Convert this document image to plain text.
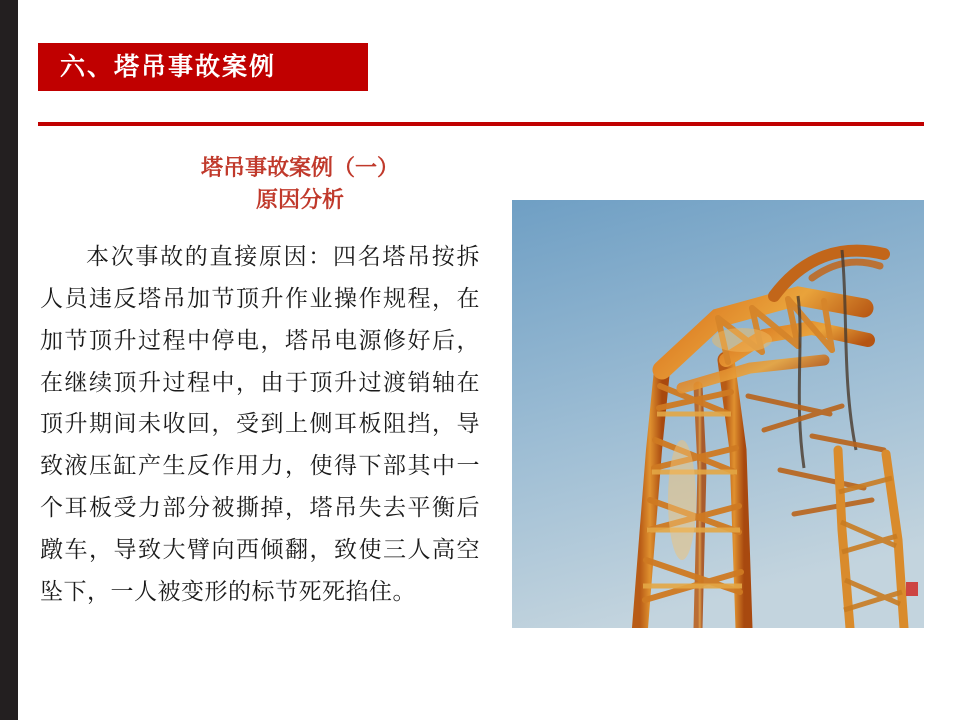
六、塔吊事故案例
塔吊事故案例（一）
原因分析
本次事故的直接原因：四名塔吊按拆人员违反塔吊加节顶升作业操作规程，在加节顶升过程中停电，塔吊电源修好后，在继续顶升过程中，由于顶升过渡销轴在顶升期间未收回，受到上侧耳板阻挡，导致液压缸产生反作用力，使得下部其中一个耳板受力部分被撕掉，塔吊失去平衡后蹾车，导致大臂向西倾翻，致使三人高空坠下，一人被变形的标节死死掐住。
